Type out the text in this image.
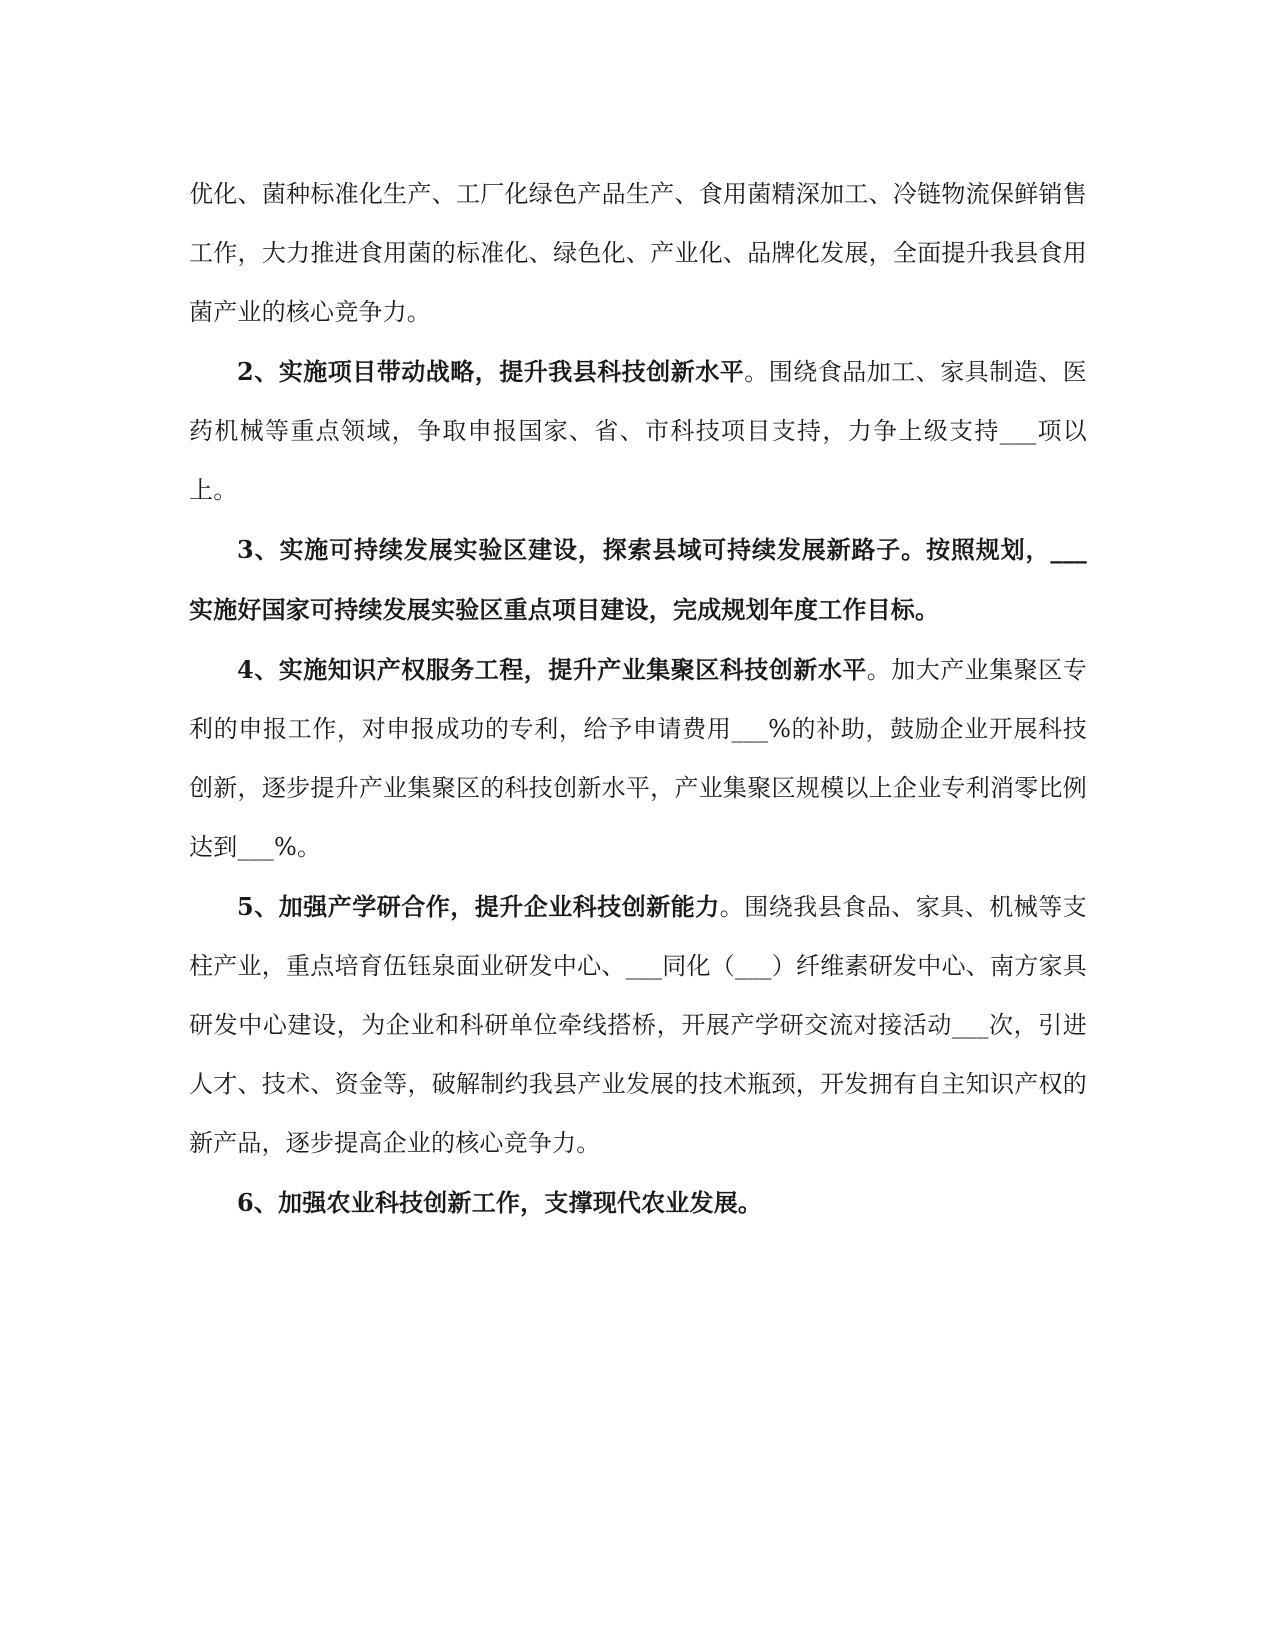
优化、菌种标准化生产、工厂化绿色产品生产、食用菌精深加工、冷链物流保鲜销售工作，大力推进食用菌的标准化、绿色化、产业化、品牌化发展，全面提升我县食用菌产业的核心竞争力。

2、实施项目带动战略，提升我县科技创新水平。围绕食品加工、家具制造、医药机械等重点领域，争取申报国家、省、市科技项目支持，力争上级支持___项以上。

3、实施可持续发展实验区建设，探索县域可持续发展新路子。按照规划，___实施好国家可持续发展实验区重点项目建设，完成规划年度工作目标。

4、实施知识产权服务工程，提升产业集聚区科技创新水平。加大产业集聚区专利的申报工作，对申报成功的专利，给予申请费用___%的补助，鼓励企业开展科技创新，逐步提升产业集聚区的科技创新水平，产业集聚区规模以上企业专利消零比例达到___%。

5、加强产学研合作，提升企业科技创新能力。围绕我县食品、家具、机械等支柱产业，重点培育伍钰泉面业研发中心、___同化（___）纤维素研发中心、南方家具研发中心建设，为企业和科研单位牵线搭桥，开展产学研交流对接活动___次，引进人才、技术、资金等，破解制约我县产业发展的技术瓶颈，开发拥有自主知识产权的新产品，逐步提高企业的核心竞争力。

6、加强农业科技创新工作，支撑现代农业发展。
